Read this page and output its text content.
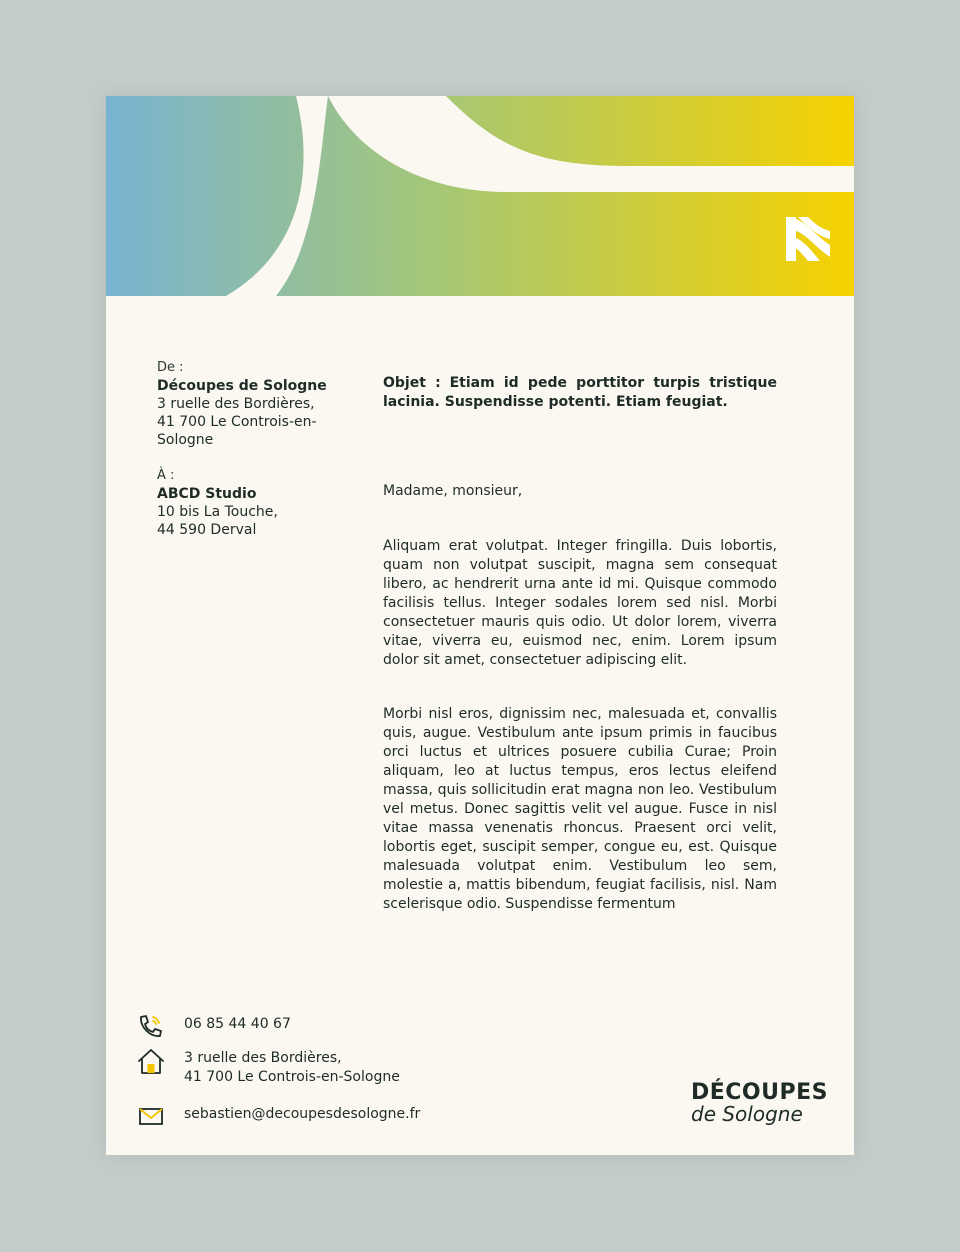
De :
Découpes de Sologne
3 ruelle des Bordières,
41 700 Le Controis-en-
Sologne
À :
ABCD Studio
10 bis La Touche,
44 590 Derval
Objet : Etiam id pede porttitor turpis tristique lacinia. Suspendisse potenti. Etiam feugiat.
Madame, monsieur,
Aliquam erat volutpat. Integer fringilla. Duis lobortis, quam non volutpat suscipit, magna sem consequat libero, ac hendrerit urna ante id mi. Quisque commodo facilisis tellus. Integer sodales lorem sed nisl. Morbi consectetuer mauris quis odio. Ut dolor lorem, viverra vitae, viverra eu, euismod nec, enim. Lorem ipsum dolor sit amet, consectetuer adipiscing elit.
Morbi nisl eros, dignissim nec, malesuada et, convallis quis, augue. Vestibulum ante ipsum primis in faucibus orci luctus et ultrices posuere cubilia Curae; Proin aliquam, leo at luctus tempus, eros lectus eleifend massa, quis sollicitudin erat magna non leo. Vestibulum vel metus. Donec sagittis velit vel augue. Fusce in nisl vitae massa venenatis rhoncus. Praesent orci velit, lobortis eget, suscipit semper, congue eu, est. Quisque malesuada volutpat enim. Vestibulum leo sem, molestie a, mattis bibendum, feugiat facilisis, nisl. Nam scelerisque odio. Suspendisse fermentum
06 85 44 40 67
3 ruelle des Bordières,
41 700 Le Controis-en-Sologne
sebastien@decoupesdesologne.fr
DÉCOUPES
de Sologne
